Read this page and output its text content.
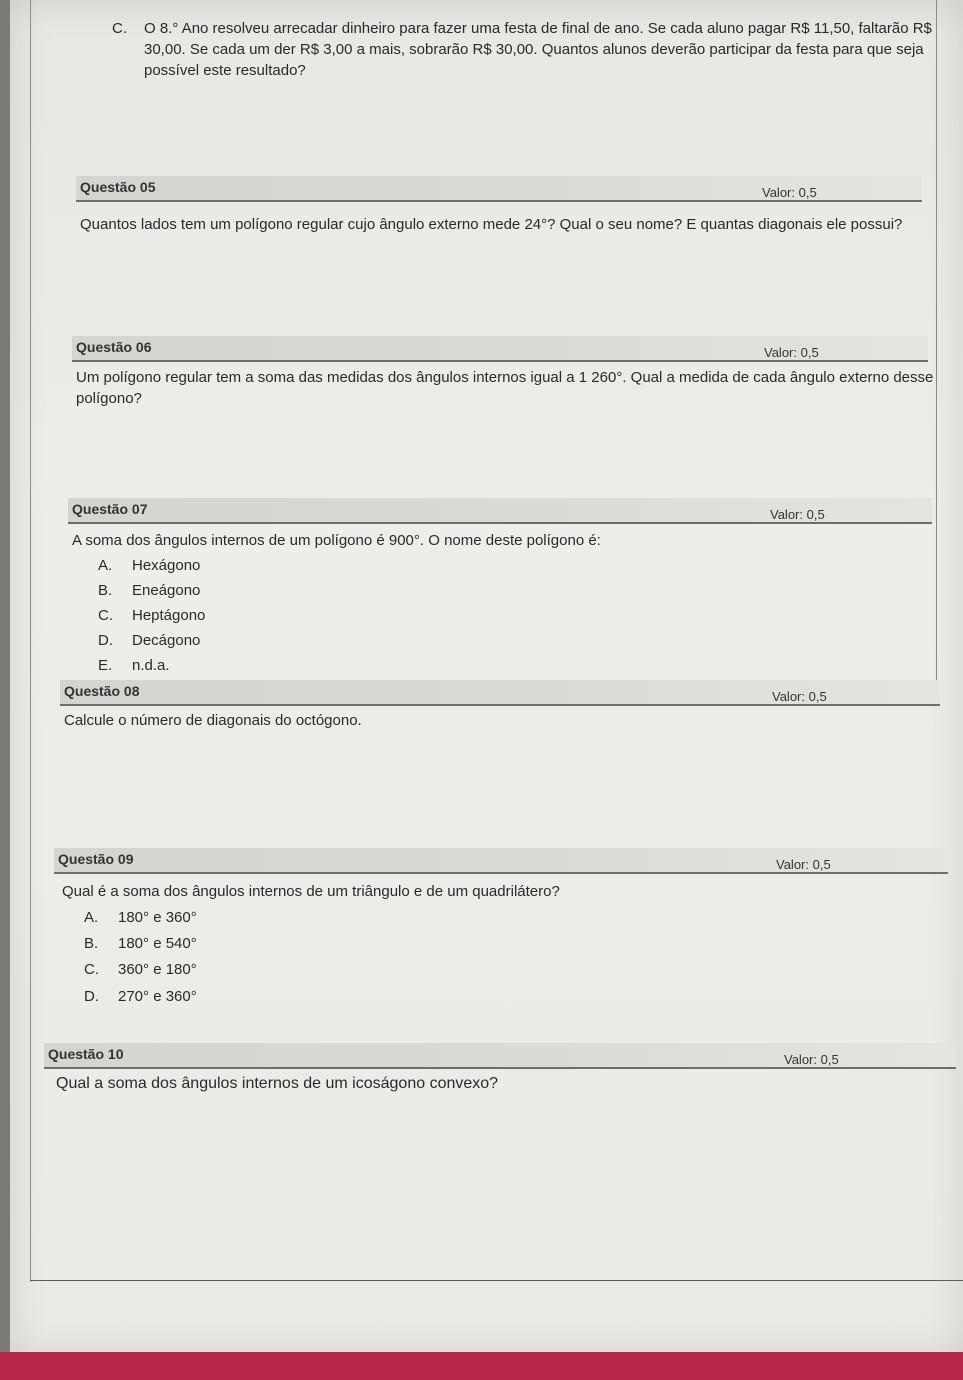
C.	O 8.° Ano resolveu arrecadar dinheiro para fazer uma festa de final de ano. Se cada aluno pagar R$ 11,50, faltarão R$ 30,00. Se cada um der R$ 3,00 a mais, sobrarão R$ 30,00. Quantos alunos deverão participar da festa para que seja possível este resultado?
Questão 05	Valor: 0,5
Quantos lados tem um polígono regular cujo ângulo externo mede 24°? Qual o seu nome? E quantas diagonais ele possui?
Questão 06	Valor: 0,5
Um polígono regular tem a soma das medidas dos ângulos internos igual a 1 260°. Qual a medida de cada ângulo externo desse polígono?
Questão 07	Valor: 0,5
A soma dos ângulos internos de um polígono é 900°. O nome deste polígono é:
A. Hexágono
B. Eneágono
C. Heptágono
D. Decágono
E. n.d.a.
Questão 08	Valor: 0,5
Calcule o número de diagonais do octógono.
Questão 09	Valor: 0,5
Qual é a soma dos ângulos internos de um triângulo e de um quadrilátero?
A. 180° e 360°
B. 180° e 540°
C. 360° e 180°
D. 270° e 360°
Questão 10	Valor: 0,5
Qual a soma dos ângulos internos de um icoságono convexo?
